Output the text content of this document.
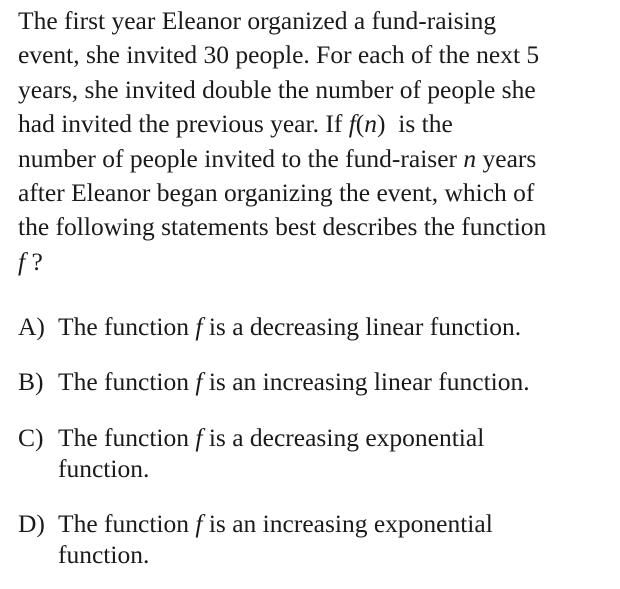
The first year Eleanor organized a fund-raising
event, she invited 30 people. For each of the next 5
years, she invited double the number of people she
had invited the previous year. If f(n)  is the
number of people invited to the fund-raiser n years
after Eleanor began organizing the event, which of
the following statements best describes the function
f ?
A) The function f is a decreasing linear function.
B) The function f is an increasing linear function.
C) The function f is a decreasing exponential function.
D) The function f is an increasing exponential function.
